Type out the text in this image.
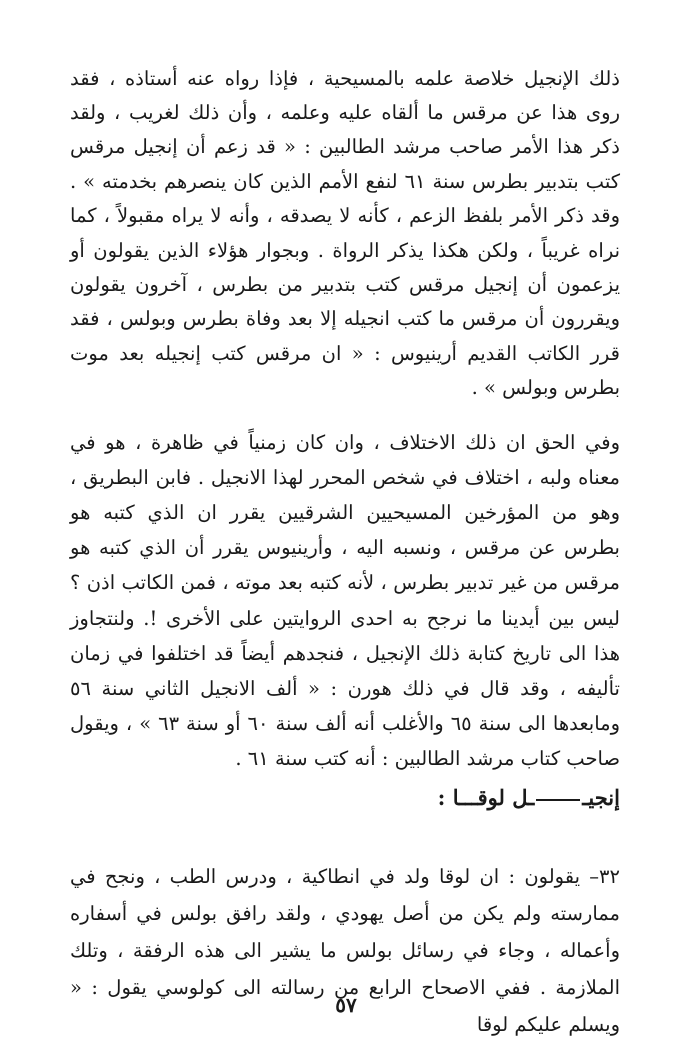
ذلك الإنجيل خلاصة علمه بالمسيحية ، فإذا رواه عنه أستاذه ، فقد روى هذا عن مرقس ما ألقاه عليه وعلمه ، وأن ذلك لغريب ، ولقد ذكر هذا الأمر صاحب مرشد الطالبين : « قد زعم أن إنجيل مرقس كتب بتدبير بطرس سنة ٦١ لنفع الأمم الذين كان ينصرهم بخدمته » . وقد ذكر الأمر بلفظ الزعم ، كأنه لا يصدقه ، وأنه لا يراه مقبولاً ، كما نراه غريباً ، ولكن هكذا يذكر الرواة . وبجوار هؤلاء الذين يقولون أو يزعمون أن إنجيل مرقس كتب بتدبير من بطرس ، آخرون يقولون ويقررون أن مرقس ما كتب انجيله إلا بعد وفاة بطرس وبولس ، فقد قرر الكاتب القديم أرينيوس : « ان مرقس كتب إنجيله بعد موت بطرس وبولس » .

وفي الحق ان ذلك الاختلاف ، وان كان زمنياً في ظاهرة ، هو في معناه ولبه ، اختلاف في شخص المحرر لهذا الانجيل . فابن البطريق ، وهو من المؤرخين المسيحيين الشرقيين يقرر ان الذي كتبه هو بطرس عن مرقس ، ونسبه اليه ، وأرينيوس يقرر أن الذي كتبه هو مرقس من غير تدبير بطرس ، لأنه كتبه بعد موته ، فمن الكاتب اذن ؟ ليس بين أيدينا ما نرجح به احدى الروايتين على الأخرى !. ولنتجاوز هذا الى تاريخ كتابة ذلك الإنجيل ، فنجدهم أيضاً قد اختلفوا في زمان تأليفه ، وقد قال في ذلك هورن : « ألف الانجيل الثاني سنة ٥٦ ومابعدها الى سنة ٦٥ والأغلب أنه ألف سنة ٦٠ أو سنة ٦٣ » ، ويقول صاحب كتاب مرشد الطالبين : أنه كتب سنة ٦١ .

إنجيــل لوقـــا :

٣٢– يقولون : ان لوقا ولد في انطاكية ، ودرس الطب ، ونجح في ممارسته ولم يكن من أصل يهودي ، ولقد رافق بولس في أسفاره وأعماله ، وجاء في رسائل بولس ما يشير الى هذه الرفقة ، وتلك الملازمة . ففي الاصحاح الرابع من رسالته الى كولوسي يقول : « ويسلم عليكم لوقا

٥٧
